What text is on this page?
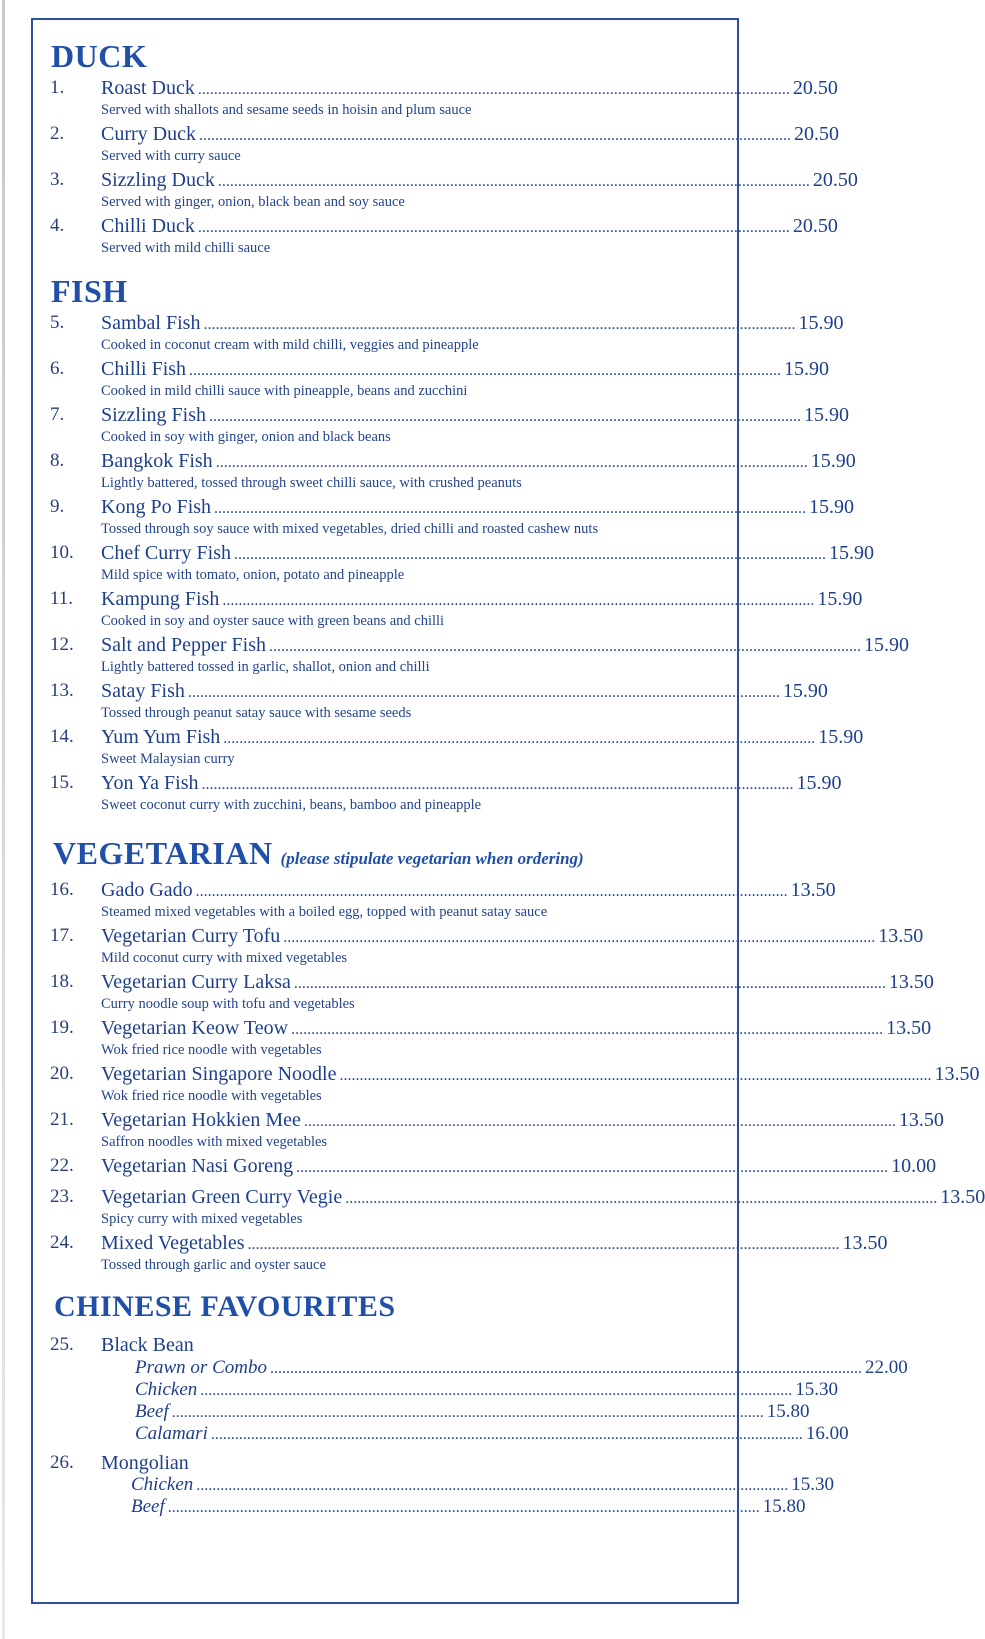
DUCK
1. Roast Duck .................................................................................................................................................... 20.50
Served with shallots and sesame seeds in hoisin and plum sauce
2. Curry Duck .................................................................................................................................................... 20.50
Served with curry sauce
3. Sizzling Duck .................................................................................................................................................... 20.50
Served with ginger, onion, black bean and soy sauce
4. Chilli Duck .................................................................................................................................................... 20.50
Served with mild chilli sauce
FISH
5. Sambal Fish .................................................................................................................................................... 15.90
Cooked in coconut cream with mild chilli, veggies and pineapple
6. Chilli Fish .................................................................................................................................................... 15.90
Cooked in mild chilli sauce with pineapple, beans and zucchini
7. Sizzling Fish .................................................................................................................................................... 15.90
Cooked in soy with ginger, onion and black beans
8. Bangkok Fish .................................................................................................................................................... 15.90
Lightly battered, tossed through sweet chilli sauce, with crushed peanuts
9. Kong Po Fish .................................................................................................................................................... 15.90
Tossed through soy sauce with mixed vegetables, dried chilli and roasted cashew nuts
10. Chef Curry Fish .................................................................................................................................................... 15.90
Mild spice with tomato, onion, potato and pineapple
11. Kampung Fish .................................................................................................................................................... 15.90
Cooked in soy and oyster sauce with green beans and chilli
12. Salt and Pepper Fish .................................................................................................................................................... 15.90
Lightly battered tossed in garlic, shallot, onion and chilli
13. Satay Fish .................................................................................................................................................... 15.90
Tossed through peanut satay sauce with sesame seeds
14. Yum Yum Fish .................................................................................................................................................... 15.90
Sweet Malaysian curry
15. Yon Ya Fish .................................................................................................................................................... 15.90
Sweet coconut curry with zucchini, beans, bamboo and pineapple
VEGETARIAN (please stipulate vegetarian when ordering)
16. Gado Gado .................................................................................................................................................... 13.50
Steamed mixed vegetables with a boiled egg, topped with peanut satay sauce
17. Vegetarian Curry Tofu .................................................................................................................................................... 13.50
Mild coconut curry with mixed vegetables
18. Vegetarian Curry Laksa .................................................................................................................................................... 13.50
Curry noodle soup with tofu and vegetables
19. Vegetarian Keow Teow .................................................................................................................................................... 13.50
Wok fried rice noodle with vegetables
20. Vegetarian Singapore Noodle .................................................................................................................................................... 13.50
Wok fried rice noodle with vegetables
21. Vegetarian Hokkien Mee .................................................................................................................................................... 13.50
Saffron noodles with mixed vegetables
22. Vegetarian Nasi Goreng .................................................................................................................................................... 10.00
23. Vegetarian Green Curry Vegie .................................................................................................................................................... 13.50
Spicy curry with mixed vegetables
24. Mixed Vegetables .................................................................................................................................................... 13.50
Tossed through garlic and oyster sauce
CHINESE FAVOURITES
25. Black Bean
Prawn or Combo .................................................................................................................................................... 22.00
Chicken .................................................................................................................................................... 15.30
Beef .................................................................................................................................................... 15.80
Calamari .................................................................................................................................................... 16.00
26. Mongolian
Chicken .................................................................................................................................................... 15.30
Beef .................................................................................................................................................... 15.80
